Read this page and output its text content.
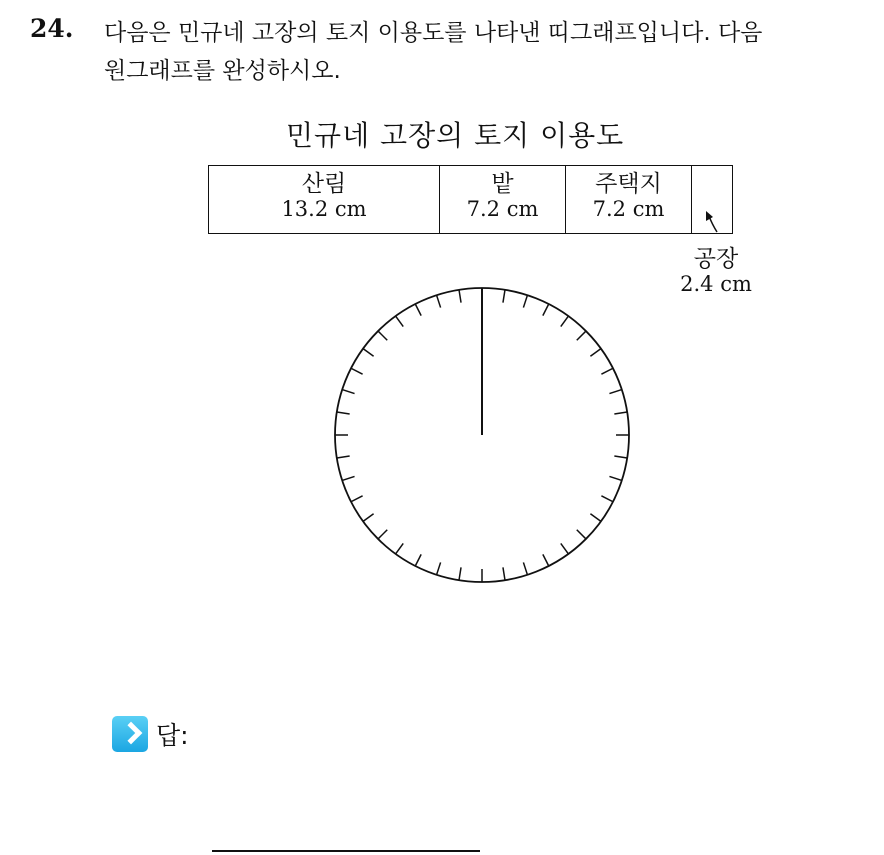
24. 다음은 민규네 고장의 토지 이용도를 나타낸 띠그래프입니다. 다음
원그래프를 완성하시오.
민규네 고장의 토지 이용도
산림
13.2 cm
밭
7.2 cm
주택지
7.2 cm
공장
2.4 cm
답:
